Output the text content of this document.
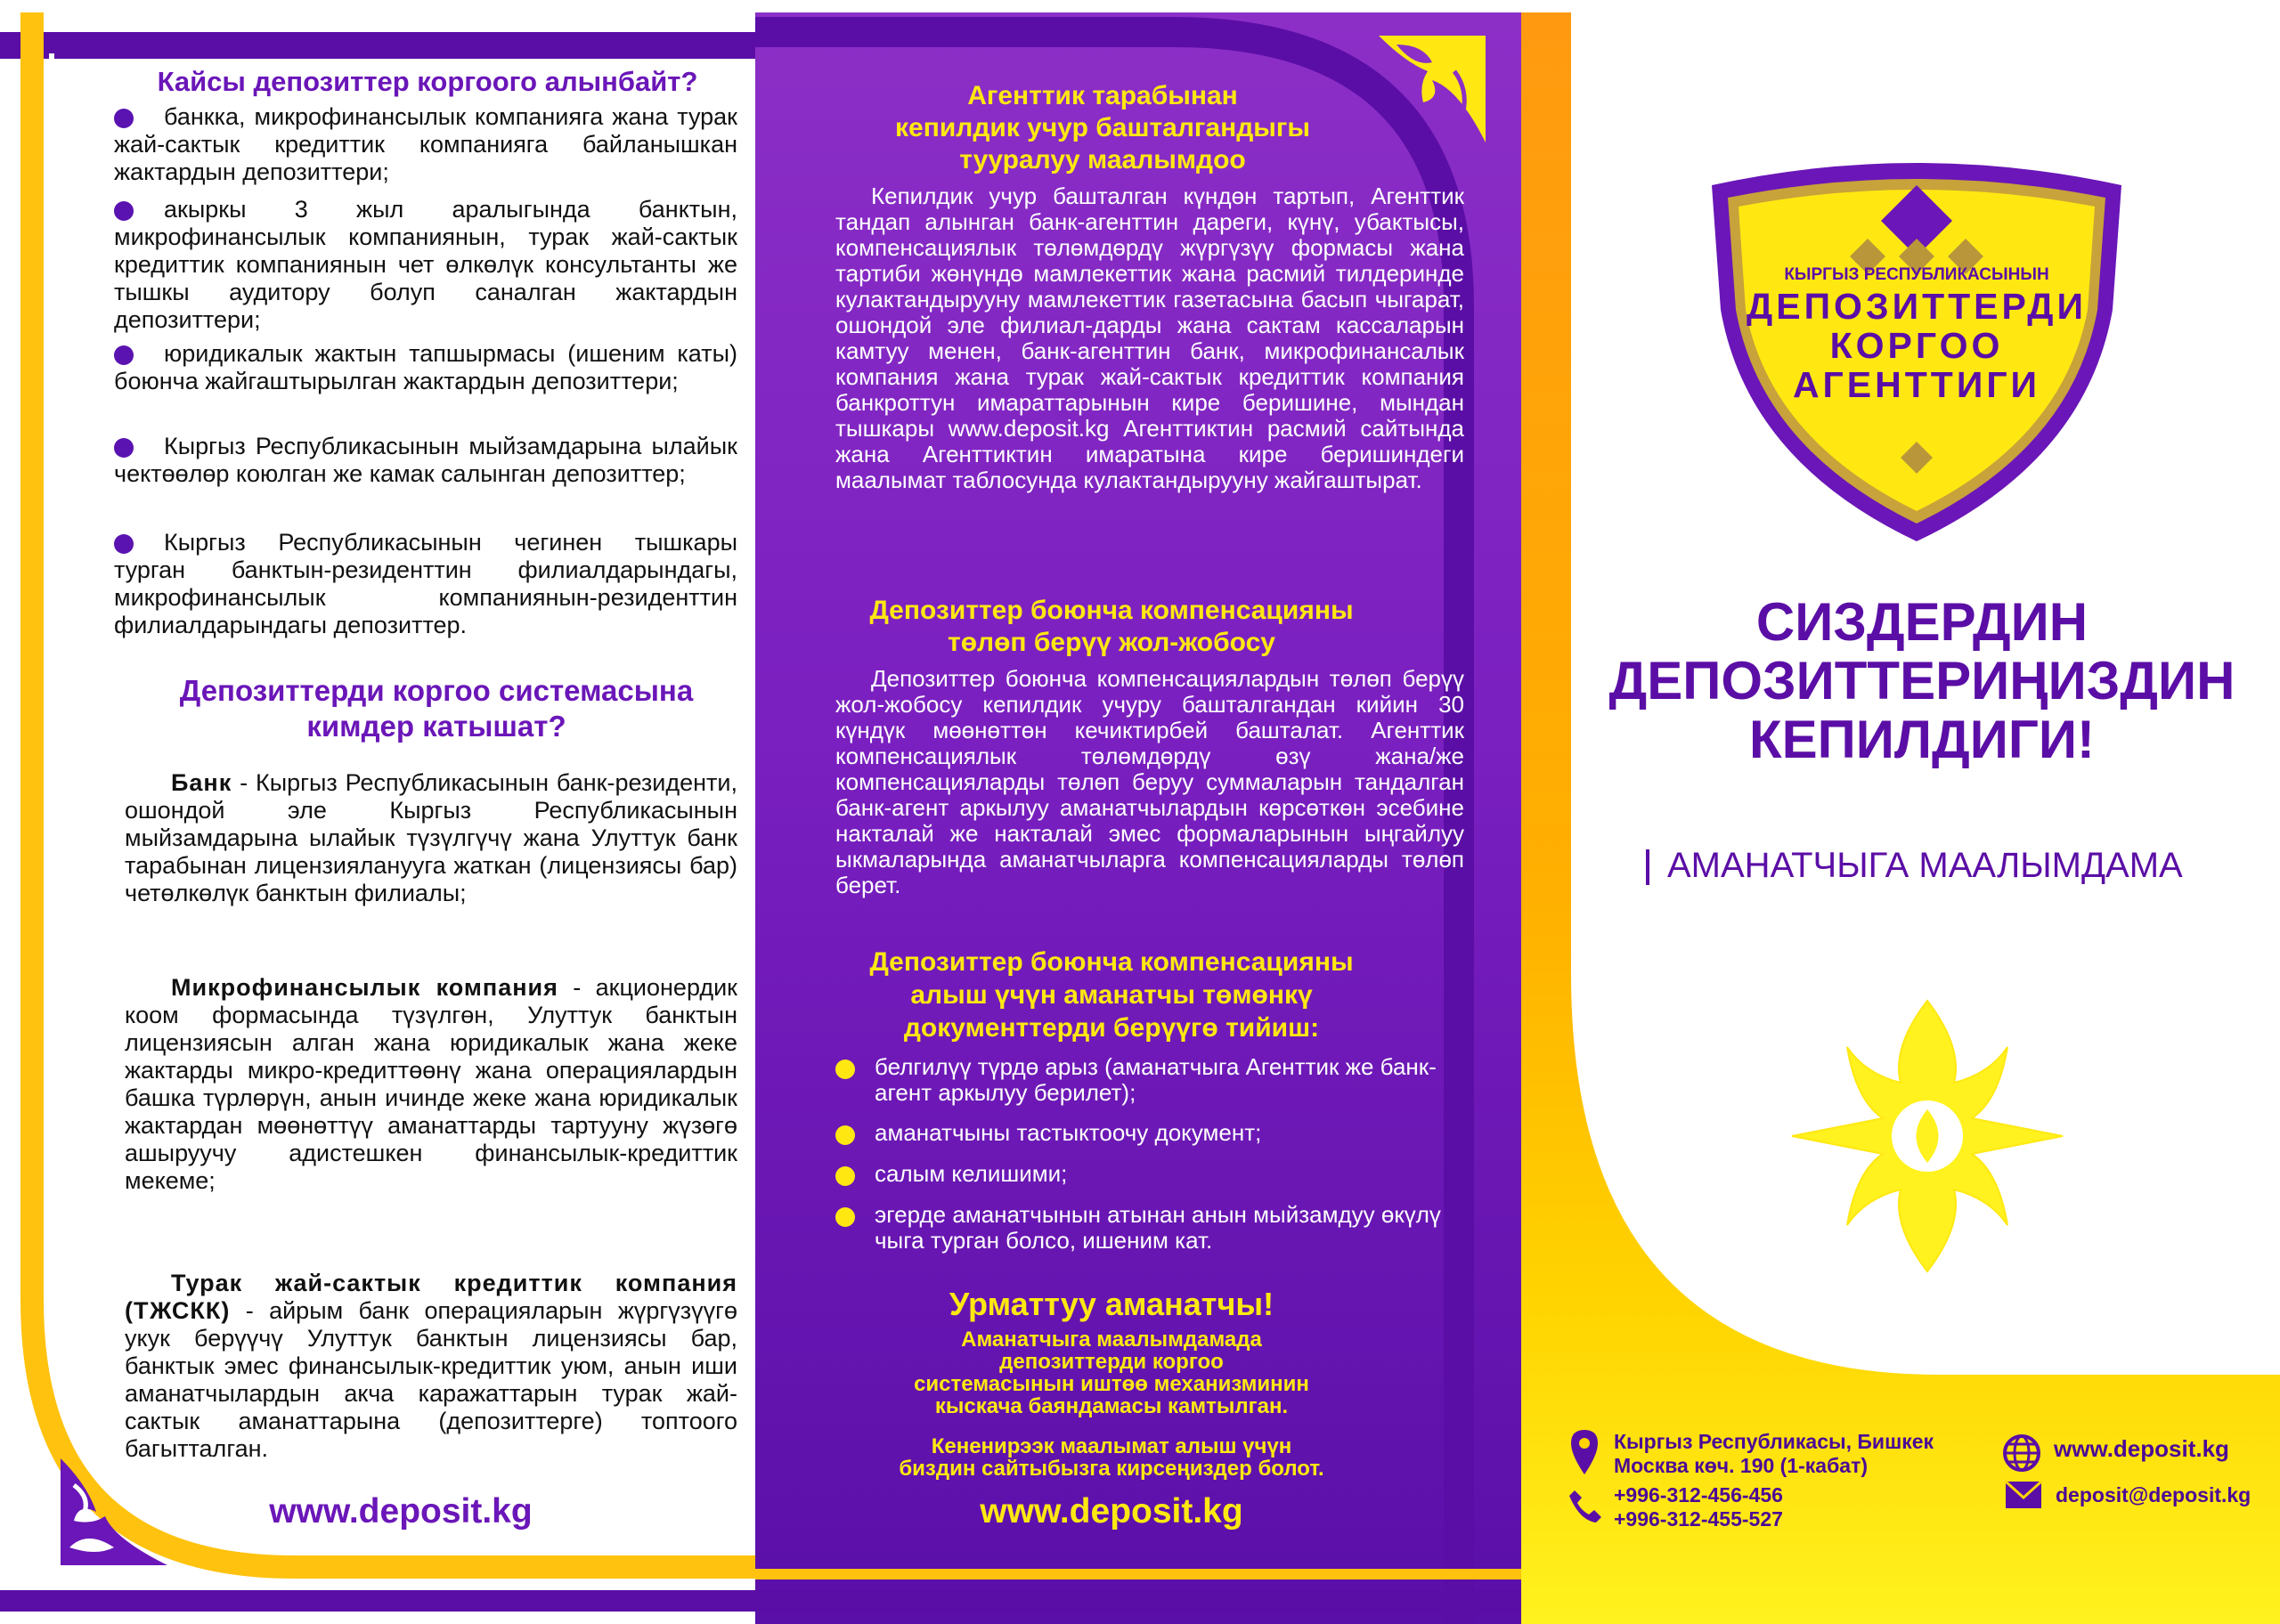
Кайсы депозиттер коргоого алынбайт?
банкка, микрофинансылык компанияга жана турак жай-сактык кредиттик компанияга байланышкан жактардын депозиттери;
акыркы 3 жыл аралыгында банктын, микрофинансылык компаниянын, турак жай-сактык кредиттик компаниянын чет өлкөлүк консультанты же тышкы аудитору болуп саналган жактардын депозиттери;
юридикалык жактын тапшырмасы (ишеним каты) боюнча жайгаштырылган жактардын депозиттери;
Кыргыз Республикасынын мыйзамдарына ылайык чектөөлөр коюлган же камак салынган депозиттер;
Кыргыз Республикасынын чегинен тышкары турган банктын-резиденттин филиалдарындагы, микрофинансылык компаниянын-резиденттин филиалдарындагы депозиттер.
Депозиттерди коргоо системасына
кимдер катышат?
Банк - Кыргыз Республикасынын банк-резиденти, ошондой эле Кыргыз Республикасынын мыйзамдарына ылайык түзүлгүчү жана Улуттук банк тарабынан лицензияланууга жаткан (лицензиясы бар) четөлкөлүк банктын филиалы;
Микрофинансылык компания - акционердик коом формасында түзүлгөн, Улуттук банктын лицензиясын алган жана юридикалык жана жеке жактарды микро-кредиттөөнү жана операциялардын башка түрлөрүн, анын ичинде жеке жана юридикалык жактардан мөөнөттүү аманаттарды тартууну жүзөгө ашыруучу адистешкен финансылык-кредиттик мекеме;
Турак жай-сактык кредиттик компания (ТЖСКК) - айрым банк операцияларын жүргүзүүгө укук берүүчү Улуттук банктын лицензиясы бар, банктык эмес финансылык-кредиттик уюм, анын иши аманатчылардын акча каражаттарын турак жай-сактык аманаттарына (депозиттерге) топтоого багытталган.
www.deposit.kg
Агенттик тарабынан
кепилдик учур башталгандыгы
тууралуу маалымдоо
Кепилдик учур башталган күндөн тартып, Агенттик тандап алынган банк-агенттин дареги, күнү, убактысы, компенсациялык төлөмдөрдү жүргүзүү формасы жана тартиби жөнүндө мамлекеттик жана расмий тилдеринде кулактандырууну мамлекеттик газетасына басып чыгарат, ошондой эле филиал-дарды жана сактам кассаларын камтуу менен, банк-агенттин банк, микрофинансалык компания жана турак жай-сактык кредиттик компания банкроттун имараттарынын кире беришине, мындан тышкары www.deposit.kg Агенттиктин расмий сайтында жана Агенттиктин имаратына кире беришиндеги маалымат таблосунда кулактандырууну жайгаштырат.
Депозиттер боюнча компенсацияны
төлөп берүү жол-жобосу
Депозиттер боюнча компенсациялардын төлөп берүү жол-жобосу кепилдик учуру башталгандан кийин 30 күндүк мөөнөттөн кечиктирбей башталат. Агенттик компенсациялык төлөмдөрдү өзү жана/же компенсацияларды төлөп беруу суммаларын тандалган банк-агент аркылуу аманатчылардын көрсөткөн эсебине накталай же накталай эмес формаларынын ыңгайлуу ыкмаларында аманатчыларга компенсацияларды төлөп берет.
Депозиттер боюнча компенсацияны
алыш үчүн аманатчы төмөнкү
документтерди берүүгө тийиш:
белгилүү түрдө арыз (аманатчыга Агенттик же банк-агент аркылуу берилет);
аманатчыны тастыктоочу документ;
салым келишими;
эгерде аманатчынын атынан анын мыйзамдуу өкүлү чыга турган болсо, ишеним кат.
Урматтуу аманатчы!
Аманатчыга маалымдамада
депозиттерди коргоо
системасынын иштөө механизминин
кыскача баяндамасы камтылган.
Кенен​ирээк маалымат алыш үчүн
биздин сайтыбызга кирсеңиздер болот.
www.deposit.kg
КЫРГЫЗ РЕСПУБЛИКАСЫНЫН
ДЕПОЗИТТЕРДИ
КОРГОО
АГЕНТТИГИ
СИЗДЕРДИН
ДЕПОЗИТТЕРИҢИЗДИН
КЕПИЛДИГИ!
АМАНАТЧЫГА МААЛЫМДАМА
Кыргыз Республикасы, Бишкек
Москва көч. 190 (1-кабат)
+996-312-456-456
+996-312-455-527
www.deposit.kg
deposit@deposit.kg
